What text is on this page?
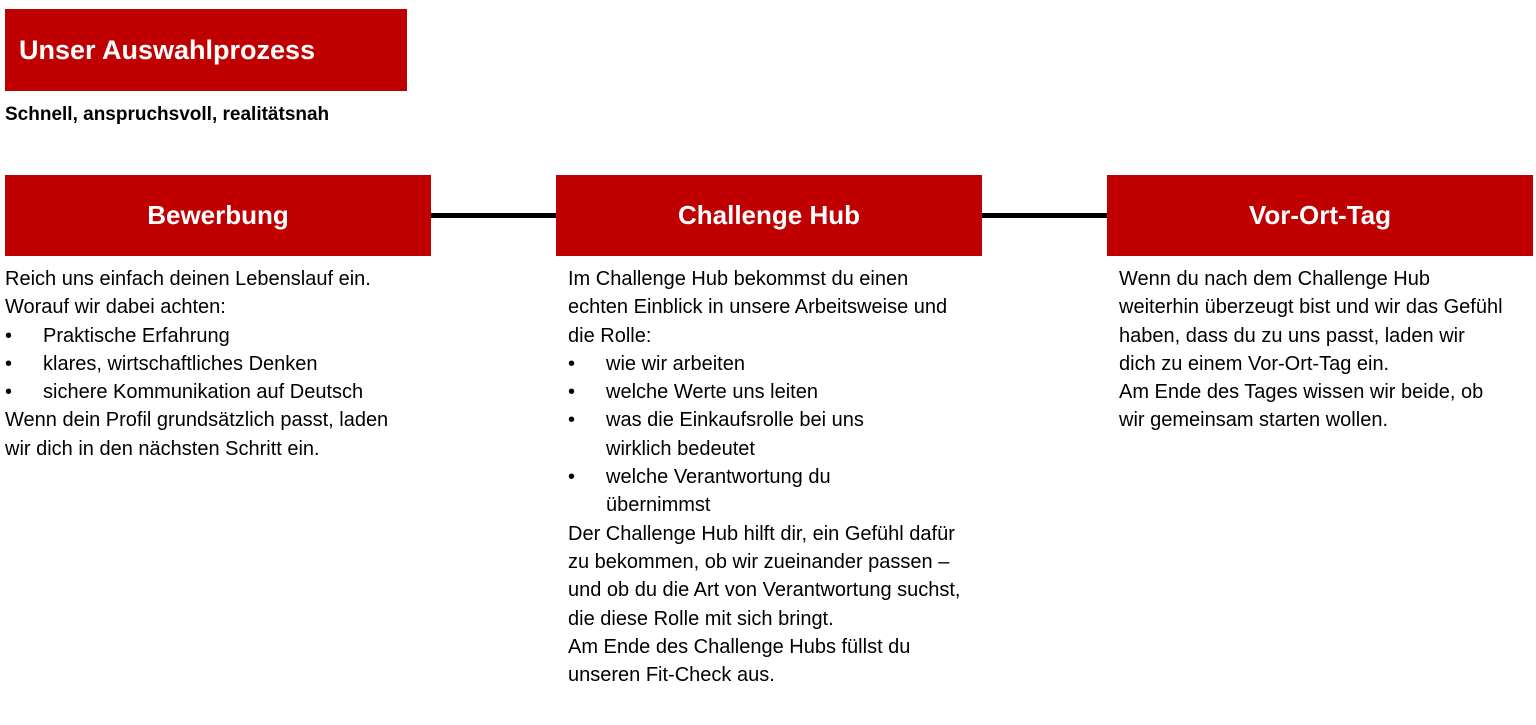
Unser Auswahlprozess
Schnell, anspruchsvoll, realitätsnah
Bewerbung

Reich uns einfach deinen Lebenslauf ein.

Worauf wir dabei achten:

•	Praktische Erfahrung
•	klares, wirtschaftliches Denken
•	sichere Kommunikation auf Deutsch

Wenn dein Profil grundsätzlich passt, laden wir dich in den nächsten Schritt ein.

Challenge Hub

Im Challenge Hub bekommst du einen echten Einblick in unsere Arbeitsweise und die Rolle:

•	wie wir arbeiten
•	welche Werte uns leiten
•	was die Einkaufsrolle bei uns wirklich bedeutet
•	welche Verantwortung du übernimmst

Der Challenge Hub hilft dir, ein Gefühl dafür zu bekommen, ob wir zueinander passen – und ob du die Art von Verantwortung suchst, die diese Rolle mit sich bringt.

Am Ende des Challenge Hubs füllst du unseren Fit-Check aus.

Vor-Ort-Tag

Wenn du nach dem Challenge Hub weiterhin überzeugt bist und wir das Gefühl haben, dass du zu uns passt, laden wir dich zu einem Vor-Ort-Tag ein.

Am Ende des Tages wissen wir beide, ob wir gemeinsam starten wollen.
